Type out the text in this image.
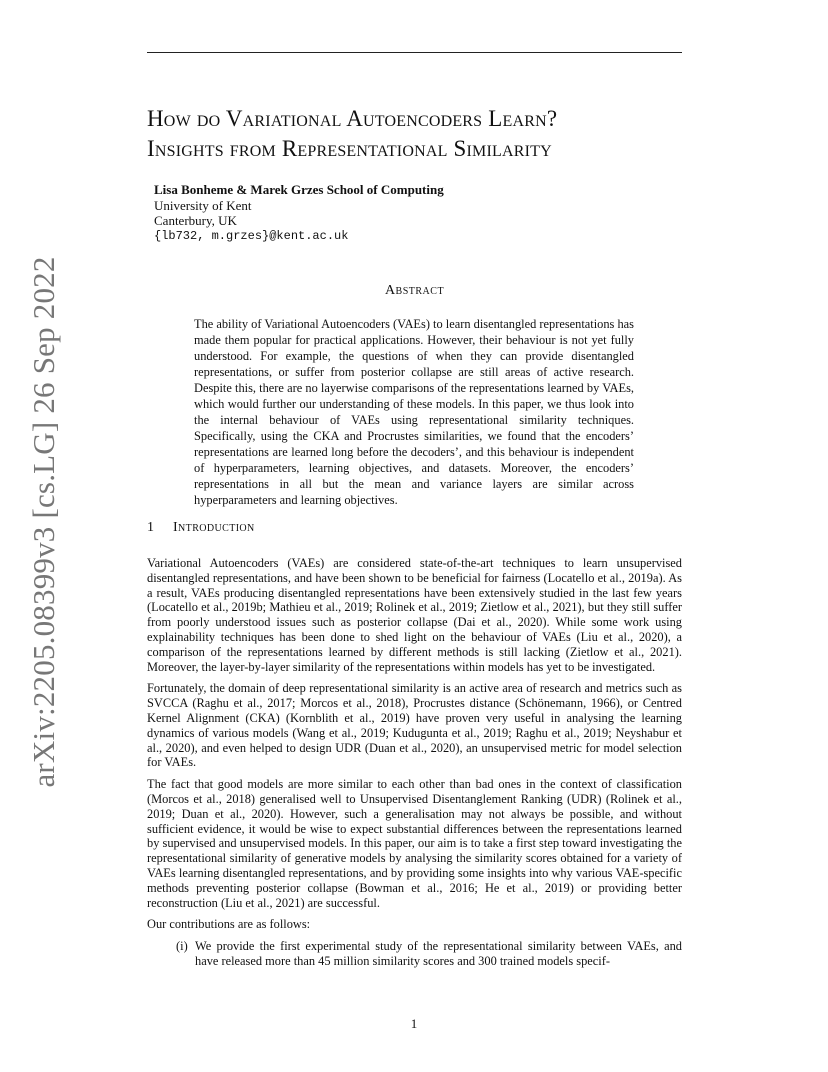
arXiv:2205.08399v3 [cs.LG] 26 Sep 2022
How do Variational Autoencoders Learn?
Insights from Representational Similarity
Lisa Bonheme & Marek Grzes School of Computing
University of Kent
Canterbury, UK
{lb732, m.grzes}@kent.ac.uk
Abstract
The ability of Variational Autoencoders (VAEs) to learn disentangled representations has made them popular for practical applications. However, their behaviour is not yet fully understood. For example, the questions of when they can provide disentangled representations, or suffer from posterior collapse are still areas of active research. Despite this, there are no layerwise comparisons of the representations learned by VAEs, which would further our understanding of these models. In this paper, we thus look into the internal behaviour of VAEs using representational similarity techniques. Specifically, using the CKA and Procrustes similarities, we found that the encoders’ representations are learned long before the decoders’, and this behaviour is independent of hyperparameters, learning objectives, and datasets. Moreover, the encoders’ representations in all but the mean and variance layers are similar across hyperparameters and learning objectives.
1 Introduction

Variational Autoencoders (VAEs) are considered state-of-the-art techniques to learn unsupervised disentangled representations, and have been shown to be beneficial for fairness (Locatello et al., 2019a). As a result, VAEs producing disentangled representations have been extensively studied in the last few years (Locatello et al., 2019b; Mathieu et al., 2019; Rolinek et al., 2019; Zietlow et al., 2021), but they still suffer from poorly understood issues such as posterior collapse (Dai et al., 2020). While some work using explainability techniques has been done to shed light on the behaviour of VAEs (Liu et al., 2020), a comparison of the representations learned by different methods is still lacking (Zietlow et al., 2021). Moreover, the layer-by-layer similarity of the representations within models has yet to be investigated.

Fortunately, the domain of deep representational similarity is an active area of research and metrics such as SVCCA (Raghu et al., 2017; Morcos et al., 2018), Procrustes distance (Schönemann, 1966), or Centred Kernel Alignment (CKA) (Kornblith et al., 2019) have proven very useful in analysing the learning dynamics of various models (Wang et al., 2019; Kudugunta et al., 2019; Raghu et al., 2019; Neyshabur et al., 2020), and even helped to design UDR (Duan et al., 2020), an unsupervised metric for model selection for VAEs.

The fact that good models are more similar to each other than bad ones in the context of classification (Morcos et al., 2018) generalised well to Unsupervised Disentanglement Ranking (UDR) (Rolinek et al., 2019; Duan et al., 2020). However, such a generalisation may not always be possible, and without sufficient evidence, it would be wise to expect substantial differences between the representations learned by supervised and unsupervised models. In this paper, our aim is to take a first step toward investigating the representational similarity of generative models by analysing the similarity scores obtained for a variety of VAEs learning disentangled representations, and by providing some insights into why various VAE-specific methods preventing posterior collapse (Bowman et al., 2016; He et al., 2019) or providing better reconstruction (Liu et al., 2021) are successful.

Our contributions are as follows:

(i) We provide the first experimental study of the representational similarity between VAEs, and have released more than 45 million similarity scores and 300 trained models specif-
1
